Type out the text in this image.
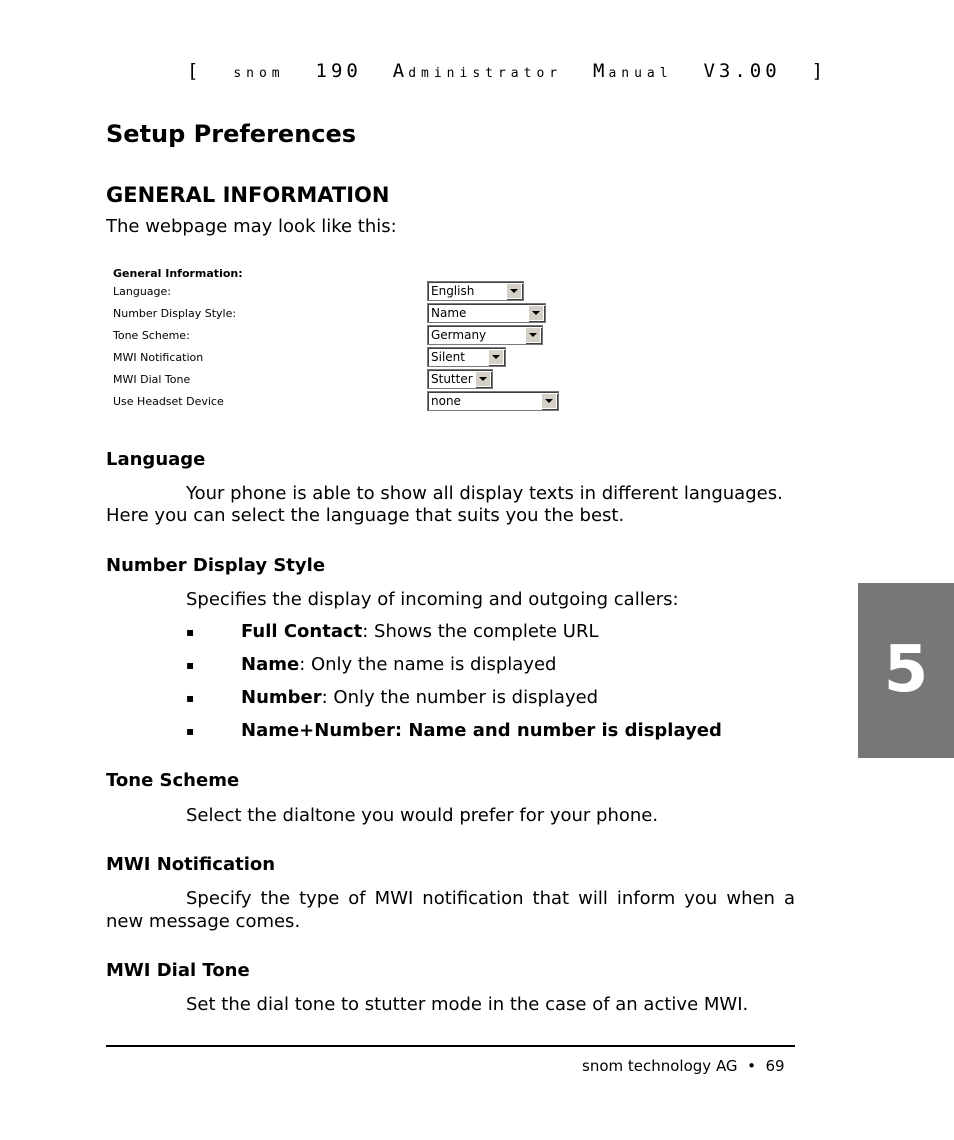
[ snom 190 Administrator Manual V3.00 ]
Setup Preferences
GENERAL INFORMATION
The webpage may look like this:
General Information:
Language:	English
Number Display Style:	Name
Tone Scheme:	Germany
MWI Notification	Silent
MWI Dial Tone	Stutter
Use Headset Device	none
Language
Your phone is able to show all display texts in different languages.
Here you can select the language that suits you the best.
Number Display Style
Specifies the display of incoming and outgoing callers:
▪	Full Contact: Shows the complete URL
▪	Name: Only the name is displayed
▪	Number: Only the number is displayed
▪	Name+Number: Name and number is displayed
Tone Scheme
Select the dialtone you would prefer for your phone.
MWI Notification
Specify the type of MWI notification that will inform you when a
new message comes.
MWI Dial Tone
Set the dial tone to stutter mode in the case of an active MWI.
snom technology AG • 69
5
